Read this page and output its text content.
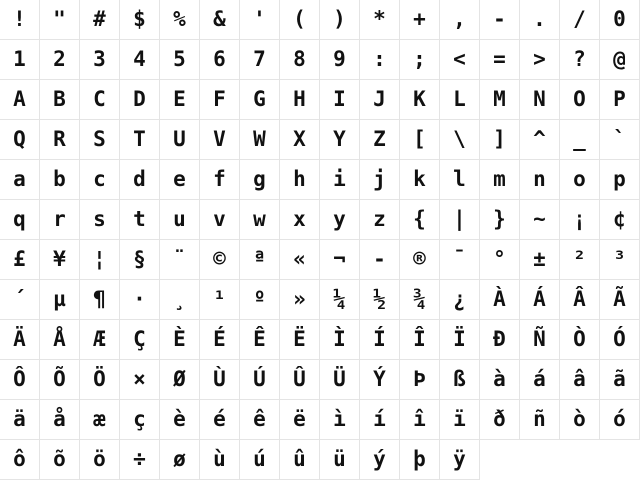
!	"	#	$	%	&	'	(	)	*	+	,	-	.	/	0
1	2	3	4	5	6	7	8	9	:	;	<	=	>	?	@
A	B	C	D	E	F	G	H	I	J	K	L	M	N	O	P
Q	R	S	T	U	V	W	X	Y	Z	[	\	]	^	_	`
a	b	c	d	e	f	g	h	i	j	k	l	m	n	o	p
q	r	s	t	u	v	w	x	y	z	{	|	}	~	¡	¢
£	¥	¦	§	¨	©	ª	«	¬	-	®	¯	°	±	²	³
´	µ	¶	·	¸	¹	º	»	¼	½	¾	¿	À	Á	Â	Ã
Ä	Å	Æ	Ç	È	É	Ê	Ë	Ì	Í	Î	Ï	Ð	Ñ	Ò	Ó
Ô	Õ	Ö	×	Ø	Ù	Ú	Û	Ü	Ý	Þ	ß	à	á	â	ã
ä	å	æ	ç	è	é	ê	ë	ì	í	î	ï	ð	ñ	ò	ó
ô	õ	ö	÷	ø	ù	ú	û	ü	ý	þ	ÿ
